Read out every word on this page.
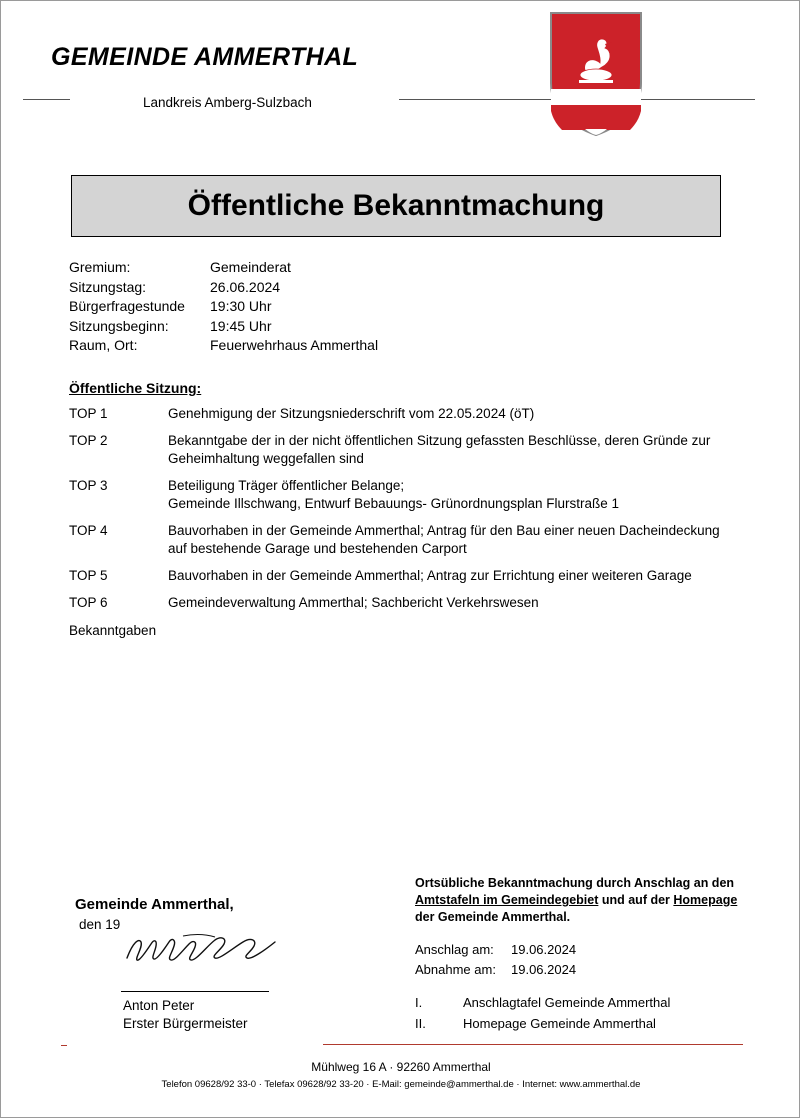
GEMEINDE AMMERTHAL
Landkreis Amberg-Sulzbach
Öffentliche Bekanntmachung
Gremium:	Gemeinderat
Sitzungstag:	26.06.2024
Bürgerfragestunde	19:30 Uhr
Sitzungsbeginn:	19:45 Uhr
Raum, Ort:	Feuerwehrhaus Ammerthal
Öffentliche Sitzung:
TOP 1	Genehmigung der Sitzungsniederschrift vom 22.05.2024 (öT)
TOP 2	Bekanntgabe der in der nicht öffentlichen Sitzung gefassten Beschlüsse, deren Gründe zur
Geheimhaltung weggefallen sind
TOP 3	Beteiligung Träger öffentlicher Belange;
Gemeinde Illschwang, Entwurf Bebauungs- Grünordnungsplan Flurstraße 1
TOP 4	Bauvorhaben in der Gemeinde Ammerthal; Antrag für den Bau einer neuen Dacheindeckung
auf bestehende Garage und bestehenden Carport
TOP 5	Bauvorhaben in der Gemeinde Ammerthal; Antrag zur Errichtung einer weiteren Garage
TOP 6	Gemeindeverwaltung Ammerthal; Sachbericht Verkehrswesen
Bekanntgaben
Gemeinde Ammerthal,
den 19
Anton Peter
Erster Bürgermeister
Ortsübliche Bekanntmachung durch Anschlag an den Amtstafeln im Gemeindegebiet und auf der Homepage der Gemeinde Ammerthal.
Anschlag am:	19.06.2024
Abnahme am:	19.06.2024
I.	Anschlagtafel Gemeinde Ammerthal
II.	Homepage Gemeinde Ammerthal
Mühlweg 16 A · 92260 Ammerthal
Telefon 09628/92 33-0 · Telefax 09628/92 33-20 · E-Mail: gemeinde@ammerthal.de · Internet: www.ammerthal.de
